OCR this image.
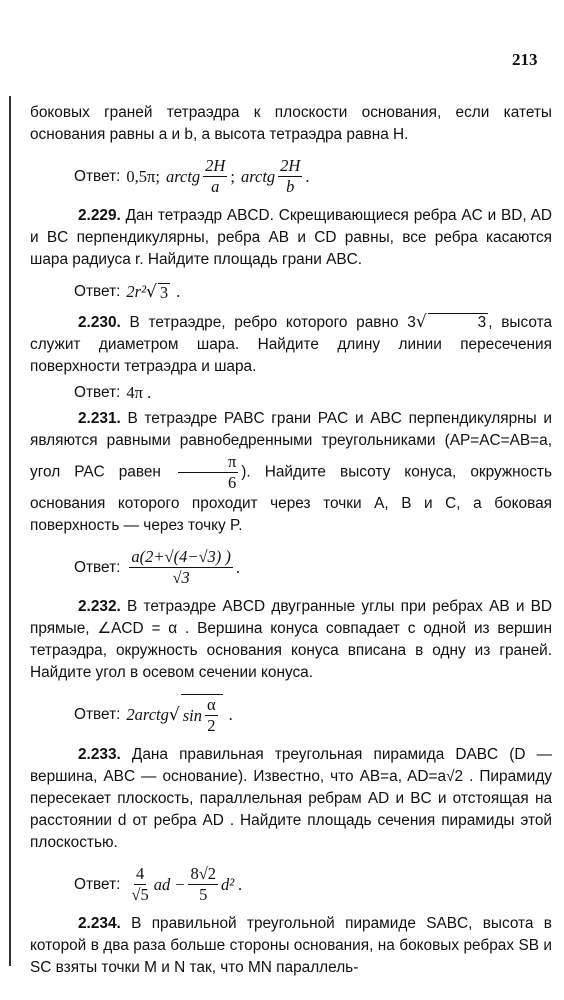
213

боковых граней тетраэдра к плоскости основания, если катеты основания равны a и b, а высота тетраэдра равна H.

Ответ: 0,5π; arctg $\frac{2H}{a}$ ; arctg $\frac{2H}{b}$ .

2.229. Дан тетраэдр ABCD. Скрещивающиеся ребра AC и BD, AD и BC перпендикулярны, ребра AB и CD равны, все ребра касаются шара радиуса r. Найдите площадь грани ABC.

Ответ: 2r² √ 3 .

2.230. В тетраэдре, ребро которого равно 3√	3 , высота служит диаметром шара. Найдите длину линии пересечения поверхности тетраэдра и шара.

Ответ: 4π .

2.231. В тетраэдре PABC грани PAC и ABC перпендикулярны и являются равными равнобедренными треугольниками (AP=AC=AB=a, угол PAC равен $\frac{\pi}{6}$ ). Найдите высоту конуса, окружность основания которого проходит через точки A, B и C, а боковая поверхность — через точку P.

Ответ: $\frac{a(2+√(4-√3) )}{√3}$ .

2.232. В тетраэдре ABCD двугранные углы при ребрах AB и BD прямые, ∠ACD = α . Вершина конуса совпадает с одной из вершин тетраэдра, окружность основания конуса вписана в одну из граней. Найдите угол в осевом сечении конуса.

Ответ: 2arctg √ $\sin \frac{\alpha}{2}$ .

2.233. Дана правильная треугольная пирамида DABC (D — вершина, ABC — основание). Известно, что AB=a, AD=a√2 . Пирамиду пересекает плоскость, параллельная ребрам AD и BC и отстоящая на расстоянии d от ребра AD . Найдите площадь сечения пирамиды этой плоскостью.

Ответ: $\frac{4}{√5}$ ad − $\frac{8√2}{5} d^2$ .

2.234. В правильной треугольной пирамиде SABC, высота в которой в два раза больше стороны основания, на боковых ребрах SB и SC взяты точки M и N так, что MN параллель-
